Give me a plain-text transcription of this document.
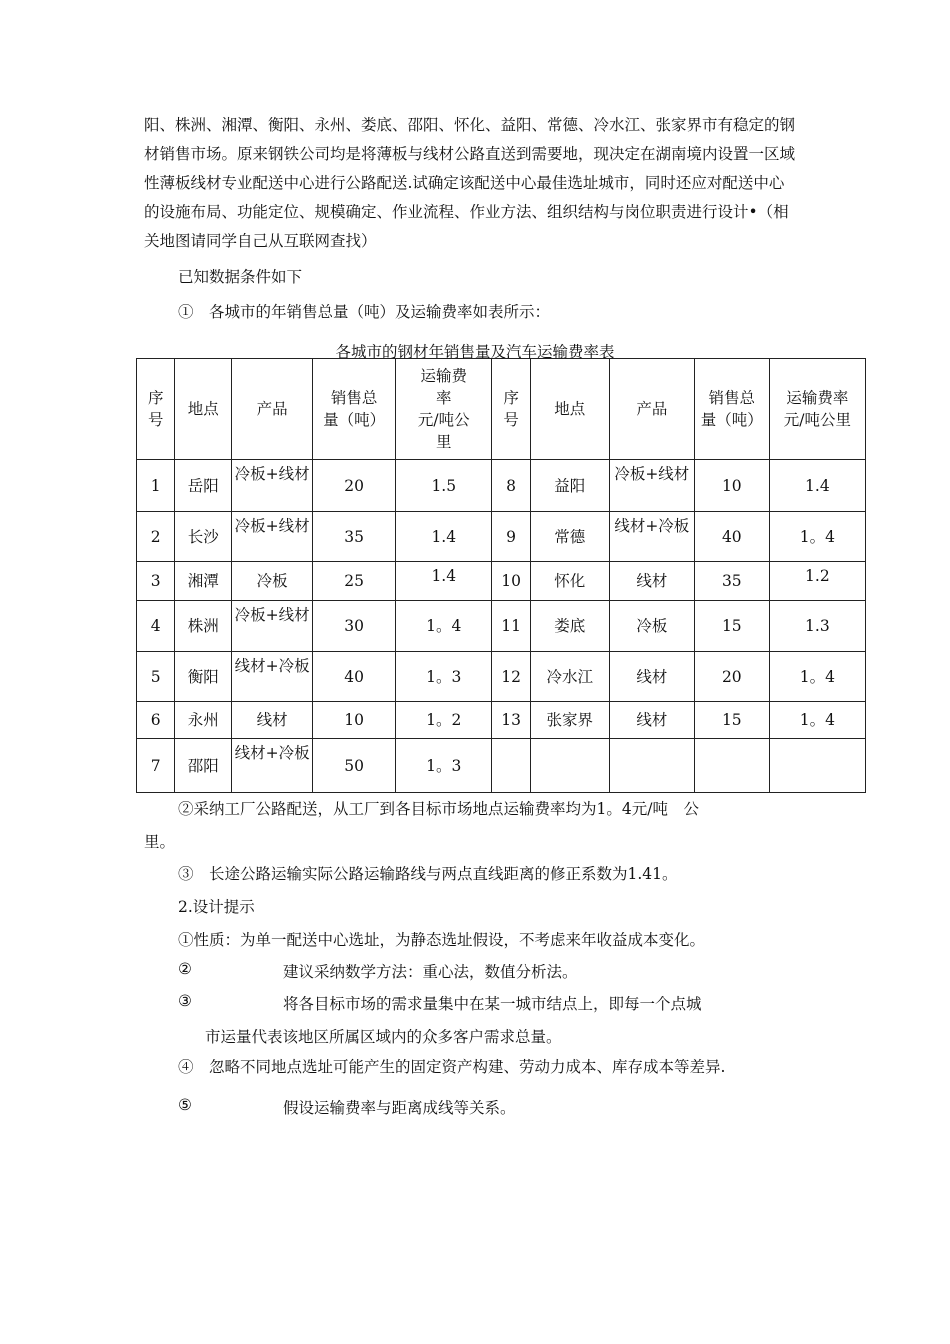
阳、株洲、湘潭、衡阳、永州、娄底、邵阳、怀化、益阳、常德、冷水江、张家界市有稳定的钢
材销售市场。原来钢铁公司均是将薄板与线材公路直送到需要地，现决定在湖南境内设置一区域
性薄板线材专业配送中心进行公路配送.试确定该配送中心最佳选址城市，同时还应对配送中心
的设施布局、功能定位、规模确定、作业流程、作业方法、组织结构与岗位职责进行设计•（相
关地图请同学自己从互联网查找）
已知数据条件如下
①　各城市的年销售总量（吨）及运输费率如表所示：
各城市的钢材年销售量及汽车运输费率表
序
号	地点	产品	销售总
量（吨）	运输费
率
元/吨公
里	序
号	地点	产品	销售总
量（吨）	运输费率
元/吨公里
1	岳阳	冷板+线材	20	1.5	8	益阳	冷板+线材	10	1.4
2	长沙	冷板+线材	35	1.4	9	常德	线材+冷板	40	1。4
3	湘潭	冷板	25	1.4	10	怀化	线材	35	1.2
4	株洲	冷板+线材	30	1。4	11	娄底	冷板	15	1.3
5	衡阳	线材+冷板	40	1。3	12	冷水江	线材	20	1。4
6	永州	线材	10	1。2	13	张家界	线材	15	1。4
7	邵阳	线材+冷板	50	1。3					
②采纳工厂公路配送，从工厂到各目标市场地点运输费率均为1。4元/吨　公
里。
③　长途公路运输实际公路运输路线与两点直线距离的修正系数为1.41。
2.设计提示
①性质：为单一配送中心选址，为静态选址假设，不考虑来年收益成本变化。
②	建议采纳数学方法：重心法，数值分析法。
③	将各目标市场的需求量集中在某一城市结点上，即每一个点城
市运量代表该地区所属区域内的众多客户需求总量。
④　忽略不同地点选址可能产生的固定资产构建、劳动力成本、库存成本等差异.
⑤	假设运输费率与距离成线等关系。
